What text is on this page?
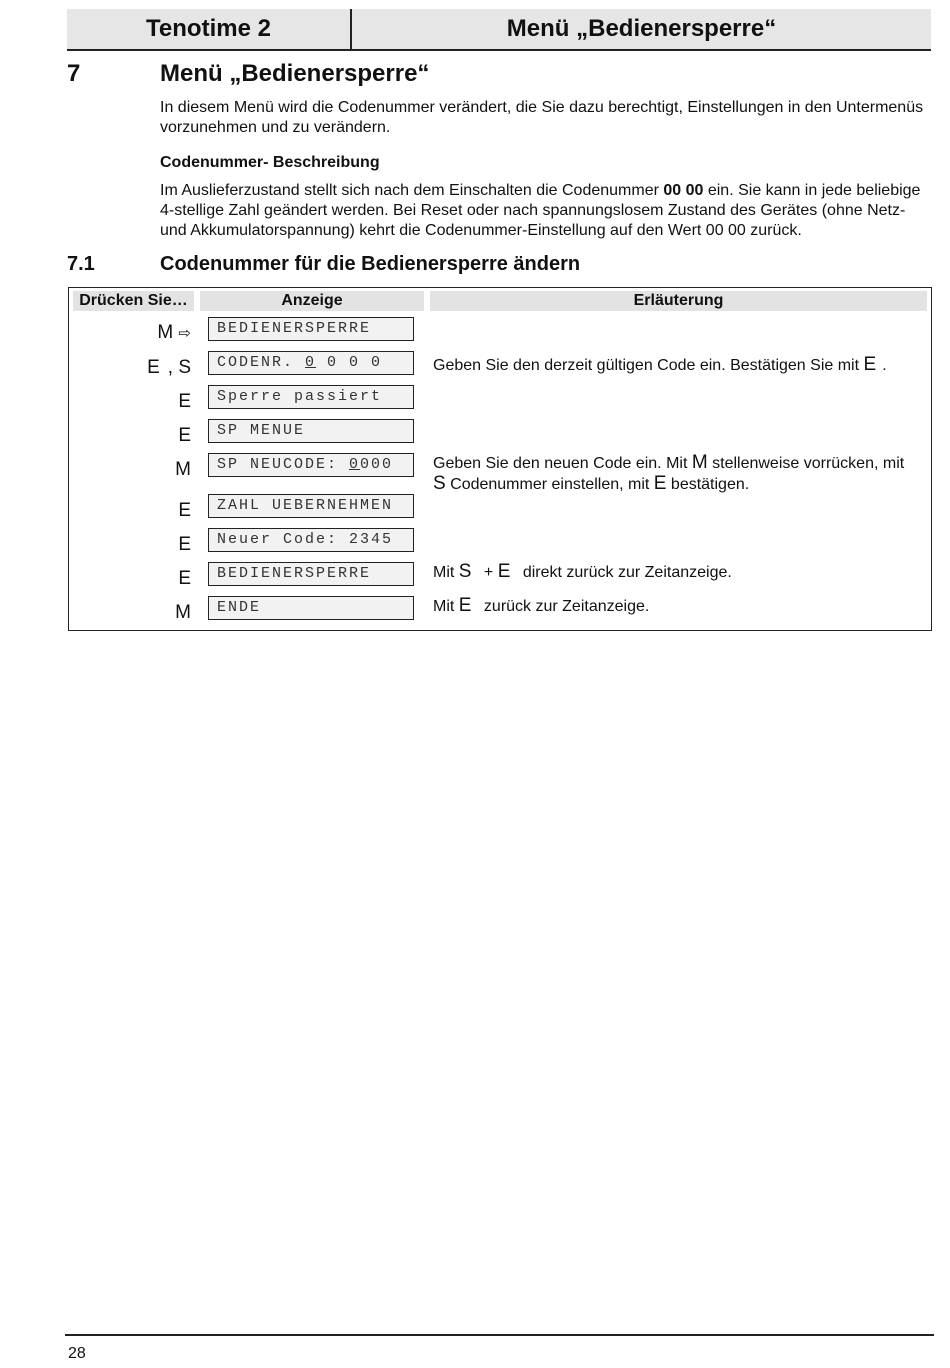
Tenotime 2	Menü „Bedienersperre“
7	Menü „Bedienersperre“
In diesem Menü wird die Codenummer verändert, die Sie dazu berechtigt, Einstellungen in den Untermenüs vorzunehmen und zu verändern.
Codenummer- Beschreibung
Im Auslieferzustand stellt sich nach dem Einschalten die Codenummer 00 00 ein. Sie kann in jede beliebige 4-stellige Zahl geändert werden. Bei Reset oder nach spannungslosem Zustand des Gerätes (ohne Netz- und Akkumulatorspannung) kehrt die Codenummer-Einstellung auf den Wert 00 00 zurück.
7.1	Codenummer für die Bedienersperre ändern
Drücken Sie…	Anzeige	Erläuterung
M ⇨	BEDIENERSPERRE
E , S	CODENR. 0 0 0 0	Geben Sie den derzeit gültigen Code ein. Bestätigen Sie mit E .
E	Sperre passiert
E	SP MENUE
M	SP NEUCODE: 0000	Geben Sie den neuen Code ein. Mit M stellenweise vorrücken, mit
S Codenummer einstellen, mit E bestätigen.
E	ZAHL UEBERNEHMEN
E	Neuer Code: 2345
E	BEDIENERSPERRE	Mit S + E direkt zurück zur Zeitanzeige.
M	ENDE	Mit E zurück zur Zeitanzeige.
28
